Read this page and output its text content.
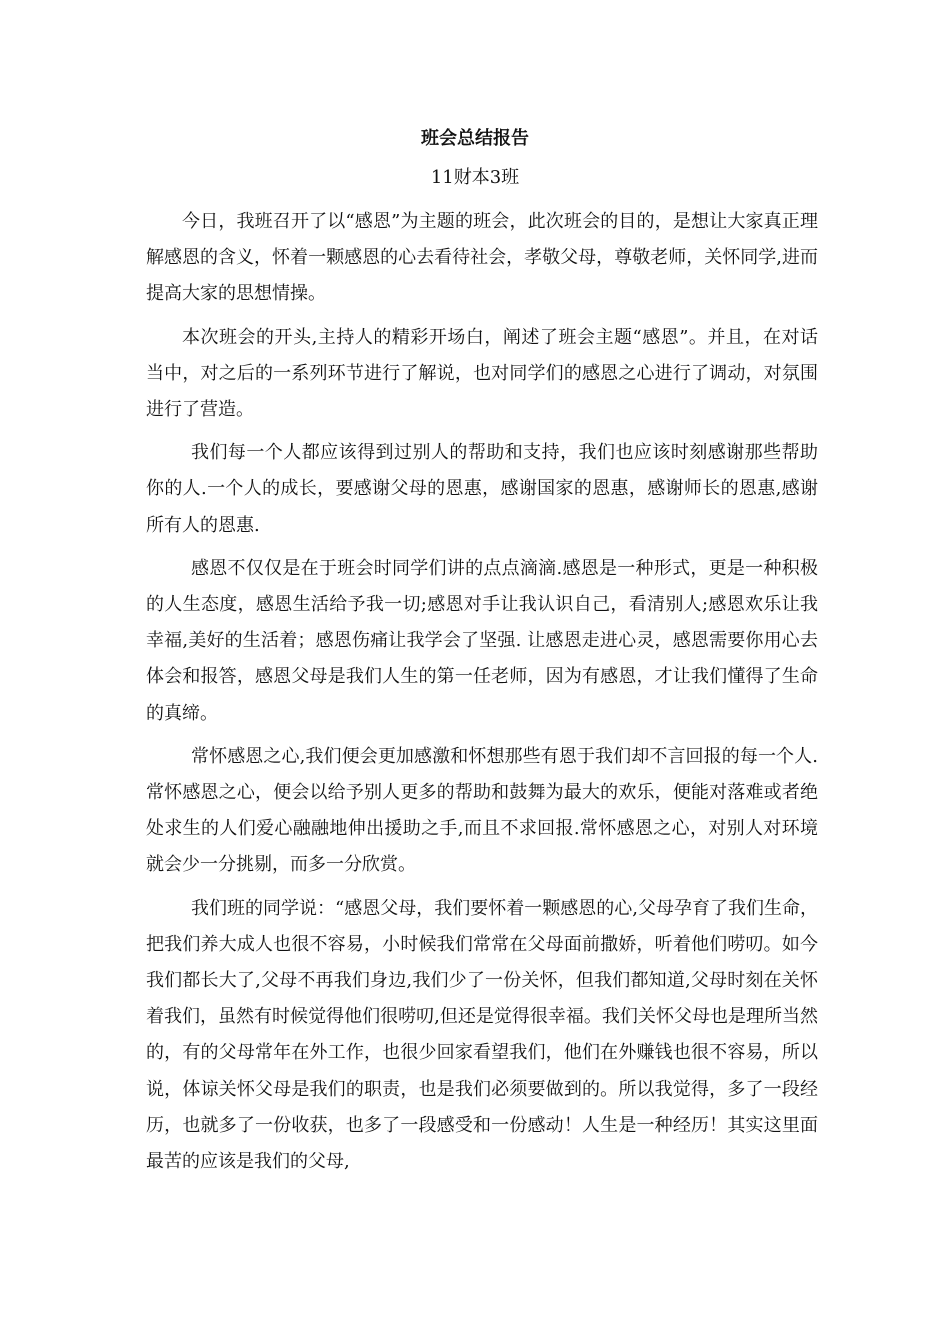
班会总结报告
11财本3班

今日，我班召开了以“感恩”为主题的班会，此次班会的目的，是想让大家真正理解感恩的含义，怀着一颗感恩的心去看待社会，孝敬父母，尊敬老师，关怀同学,进而提高大家的思想情操。

本次班会的开头,主持人的精彩开场白，阐述了班会主题“感恩”。并且，在对话当中，对之后的一系列环节进行了解说，也对同学们的感恩之心进行了调动，对氛围进行了营造。

我们每一个人都应该得到过别人的帮助和支持，我们也应该时刻感谢那些帮助你的人.一个人的成长，要感谢父母的恩惠，感谢国家的恩惠，感谢师长的恩惠,感谢所有人的恩惠.

感恩不仅仅是在于班会时同学们讲的点点滴滴.感恩是一种形式，更是一种积极的人生态度，感恩生活给予我一切;感恩对手让我认识自己，看清别人;感恩欢乐让我幸福,美好的生活着；感恩伤痛让我学会了坚强. 让感恩走进心灵，感恩需要你用心去体会和报答，感恩父母是我们人生的第一任老师，因为有感恩，才让我们懂得了生命的真缔。

常怀感恩之心,我们便会更加感激和怀想那些有恩于我们却不言回报的每一个人.常怀感恩之心，便会以给予别人更多的帮助和鼓舞为最大的欢乐，便能对落难或者绝处求生的人们爱心融融地伸出援助之手,而且不求回报.常怀感恩之心，对别人对环境就会少一分挑剔，而多一分欣赏。

我们班的同学说：“感恩父母，我们要怀着一颗感恩的心,父母孕育了我们生命，把我们养大成人也很不容易，小时候我们常常在父母面前撒娇，听着他们唠叨。如今我们都长大了,父母不再我们身边,我们少了一份关怀，但我们都知道,父母时刻在关怀着我们，虽然有时候觉得他们很唠叨,但还是觉得很幸福。我们关怀父母也是理所当然的，有的父母常年在外工作，也很少回家看望我们，他们在外赚钱也很不容易，所以说，体谅关怀父母是我们的职责，也是我们必须要做到的。所以我觉得，多了一段经历，也就多了一份收获，也多了一段感受和一份感动！人生是一种经历！其实这里面最苦的应该是我们的父母,
